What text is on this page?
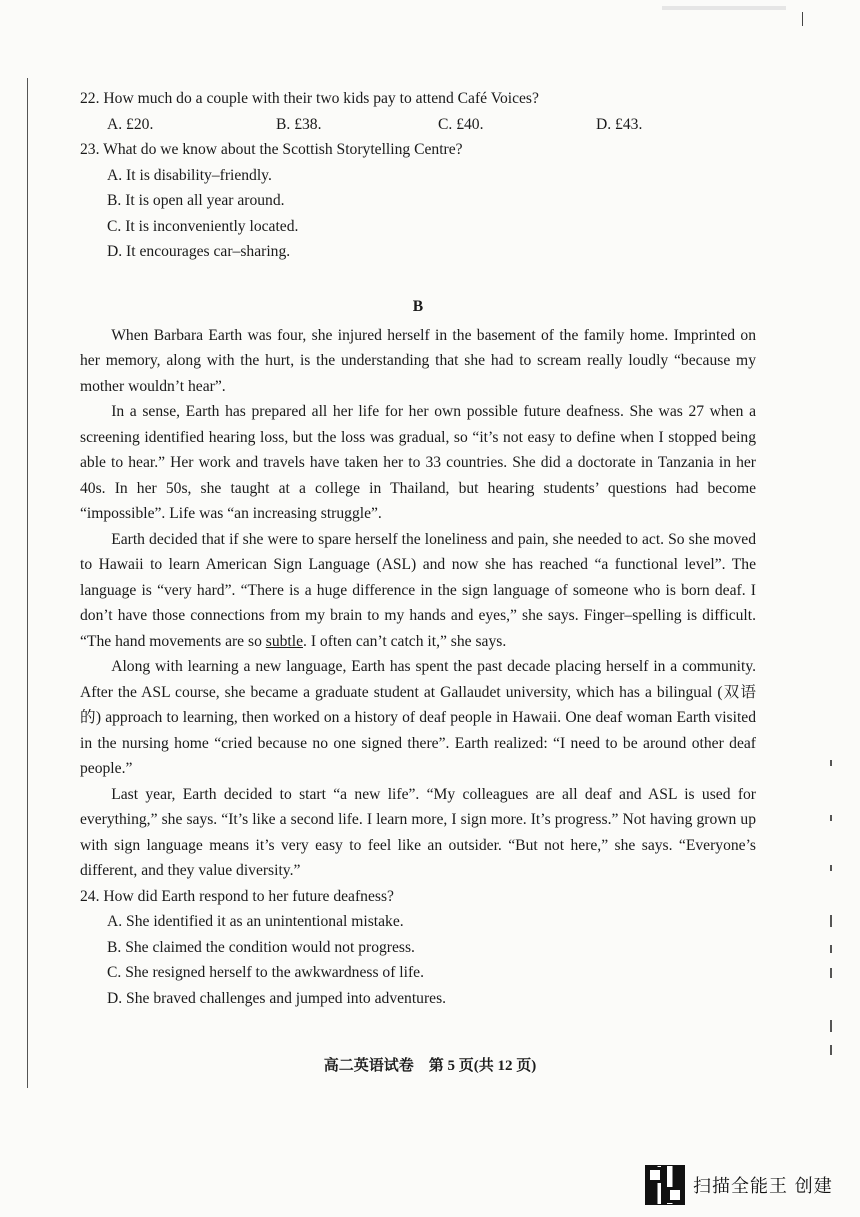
22. How much do a couple with their two kids pay to attend Café Voices?
A. £20.	B. £38.	C. £40.	D. £43.
23. What do we know about the Scottish Storytelling Centre?
A. It is disability–friendly.
B. It is open all year around.
C. It is inconveniently located.
D. It encourages car–sharing.
B

When Barbara Earth was four, she injured herself in the basement of the family home. Imprinted on her memory, along with the hurt, is the understanding that she had to scream really loudly “because my mother wouldn’t hear”.

In a sense, Earth has prepared all her life for her own possible future deafness. She was 27 when a screening identified hearing loss, but the loss was gradual, so “it’s not easy to define when I stopped being able to hear.” Her work and travels have taken her to 33 countries. She did a doctorate in Tanzania in her 40s. In her 50s, she taught at a college in Thailand, but hearing students’ questions had become “impossible”. Life was “an increasing struggle”.

Earth decided that if she were to spare herself the loneliness and pain, she needed to act. So she moved to Hawaii to learn American Sign Language (ASL) and now she has reached “a functional level”. The language is “very hard”. “There is a huge difference in the sign language of someone who is born deaf. I don’t have those connections from my brain to my hands and eyes,” she says. Finger–spelling is difficult. “The hand movements are so subtle. I often can’t catch it,” she says.

Along with learning a new language, Earth has spent the past decade placing herself in a community. After the ASL course, she became a graduate student at Gallaudet university, which has a bilingual (双语的) approach to learning, then worked on a history of deaf people in Hawaii. One deaf woman Earth visited in the nursing home “cried because no one signed there”. Earth realized: “I need to be around other deaf people.”

Last year, Earth decided to start “a new life”. “My colleagues are all deaf and ASL is used for everything,” she says. “It’s like a second life. I learn more, I sign more. It’s progress.” Not having grown up with sign language means it’s very easy to feel like an outsider. “But not here,” she says. “Everyone’s different, and they value diversity.”

24. How did Earth respond to her future deafness?
A. She identified it as an unintentional mistake.
B. She claimed the condition would not progress.
C. She resigned herself to the awkwardness of life.
D. She braved challenges and jumped into adventures.
高二英语试卷　第 5 页(共 12 页)
扫描全能王 创建
